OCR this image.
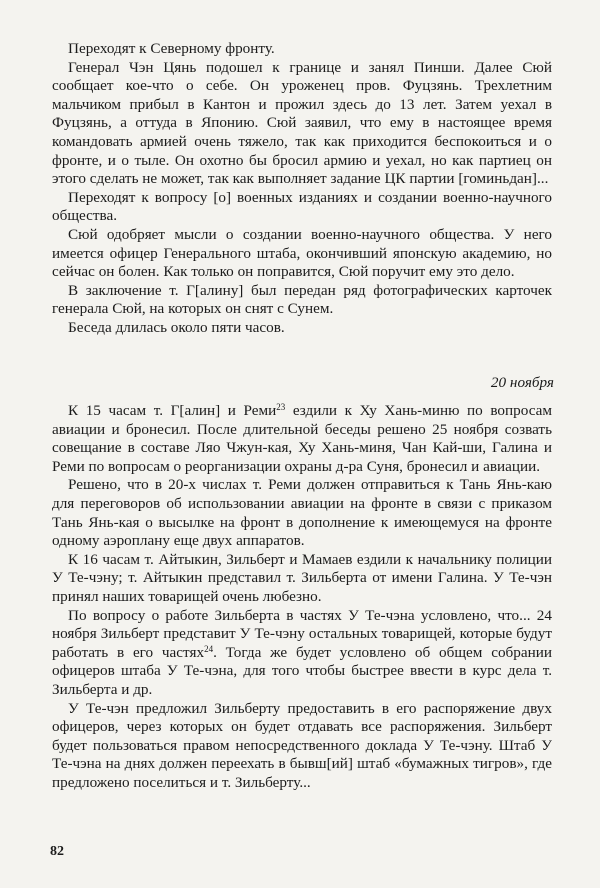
Переходят к Северному фронту.

Генерал Чэн Цянь подошел к границе и занял Пинши. Далее Сюй сообщает кое-что о себе. Он уроженец пров. Фуцзянь. Трехлетним мальчиком прибыл в Кантон и прожил здесь до 13 лет. Затем уехал в Фуцзянь, а оттуда в Японию. Сюй заявил, что ему в настоящее время командовать армией очень тяжело, так как приходится беспокоиться и о фронте, и о тыле. Он охотно бы бросил армию и уехал, но как партиец он этого сделать не может, так как выполняет задание ЦК партии [гоминьдан]...

Переходят к вопросу [о] военных изданиях и создании военно-научного общества.

Сюй одобряет мысли о создании военно-научного общества. У него имеется офицер Генерального штаба, окончивший японскую академию, но сейчас он болен. Как только он поправится, Сюй поручит ему это дело.

В заключение т. Г[алину] был передан ряд фотографических карточек генерала Сюй, на которых он снят с Сунем.

Беседа длилась около пяти часов.

20 ноября

К 15 часам т. Г[алин] и Реми$^{23}$ ездили к Ху Хань-миню по вопросам авиации и бронесил. После длительной беседы решено 25 ноября созвать совещание в составе Ляо Чжун-кая, Ху Хань-миня, Чан Кай-ши, Галина и Реми по вопросам о реорганизации охраны д-ра Суня, бронесил и авиации.

Решено, что в 20-х числах т. Реми должен отправиться к Тань Янь-каю для переговоров об использовании авиации на фронте в связи с приказом Тань Янь-кая о высылке на фронт в дополнение к имеющемуся на фронте одному аэроплану еще двух аппаратов.

К 16 часам т. Айтыкин, Зильберт и Мамаев ездили к начальнику полиции У Те-чэну; т. Айтыкин представил т. Зильберта от имени Галина. У Те-чэн принял наших товарищей очень любезно.

По вопросу о работе Зильберта в частях У Те-чэна условлено, что... 24 ноября Зильберт представит У Те-чэну остальных товарищей, которые будут работать в его частях$^{24}$. Тогда же будет условлено об общем собрании офицеров штаба У Те-чэна, для того чтобы быстрее ввести в курс дела т. Зильберта и др.

У Те-чэн предложил Зильберту предоставить в его распоряжение двух офицеров, через которых он будет отдавать все распоряжения. Зильберт будет пользоваться правом непосредственного доклада У Те-чэну. Штаб У Те-чэна на днях должен переехать в бывш[ий] штаб «бумажных тигров», где предложено поселиться и т. Зильберту...

82
